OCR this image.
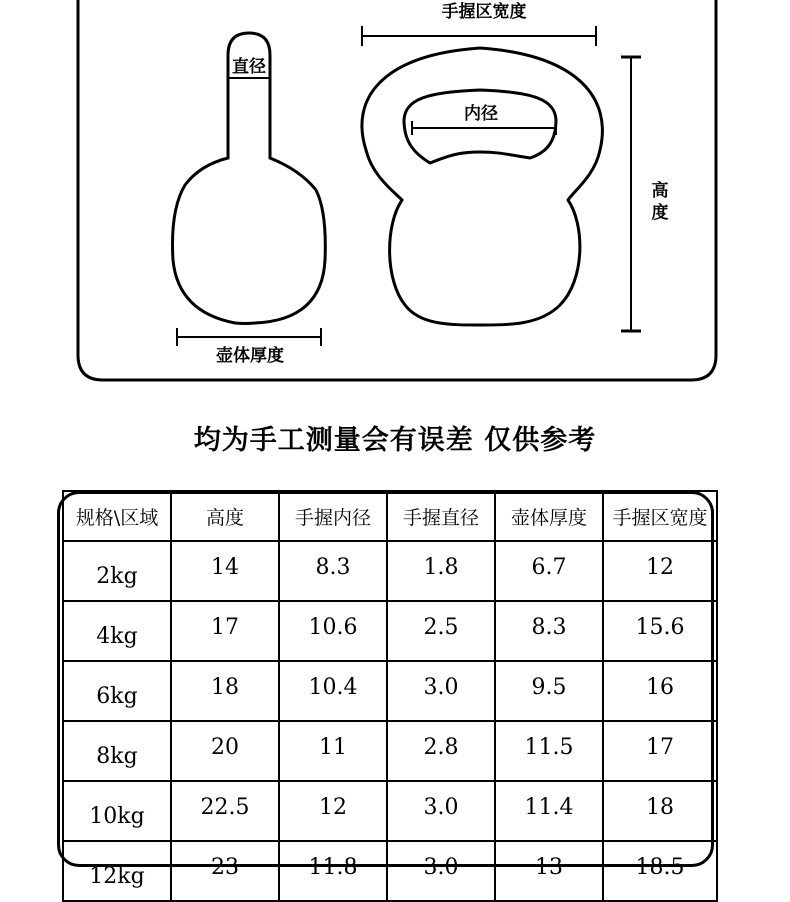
直径
壶体厚度
内径
手握区宽度
高度
均为手工测量会有误差 仅供参考
规格\区域	高度	手握内径	手握直径	壶体厚度	手握区宽度
2kg	14	8.3	1.8	6.7	12
4kg	17	10.6	2.5	8.3	15.6
6kg	18	10.4	3.0	9.5	16
8kg	20	11	2.8	11.5	17
10kg	22.5	12	3.0	11.4	18
12kg	23	11.8	3.0	13	18.5
